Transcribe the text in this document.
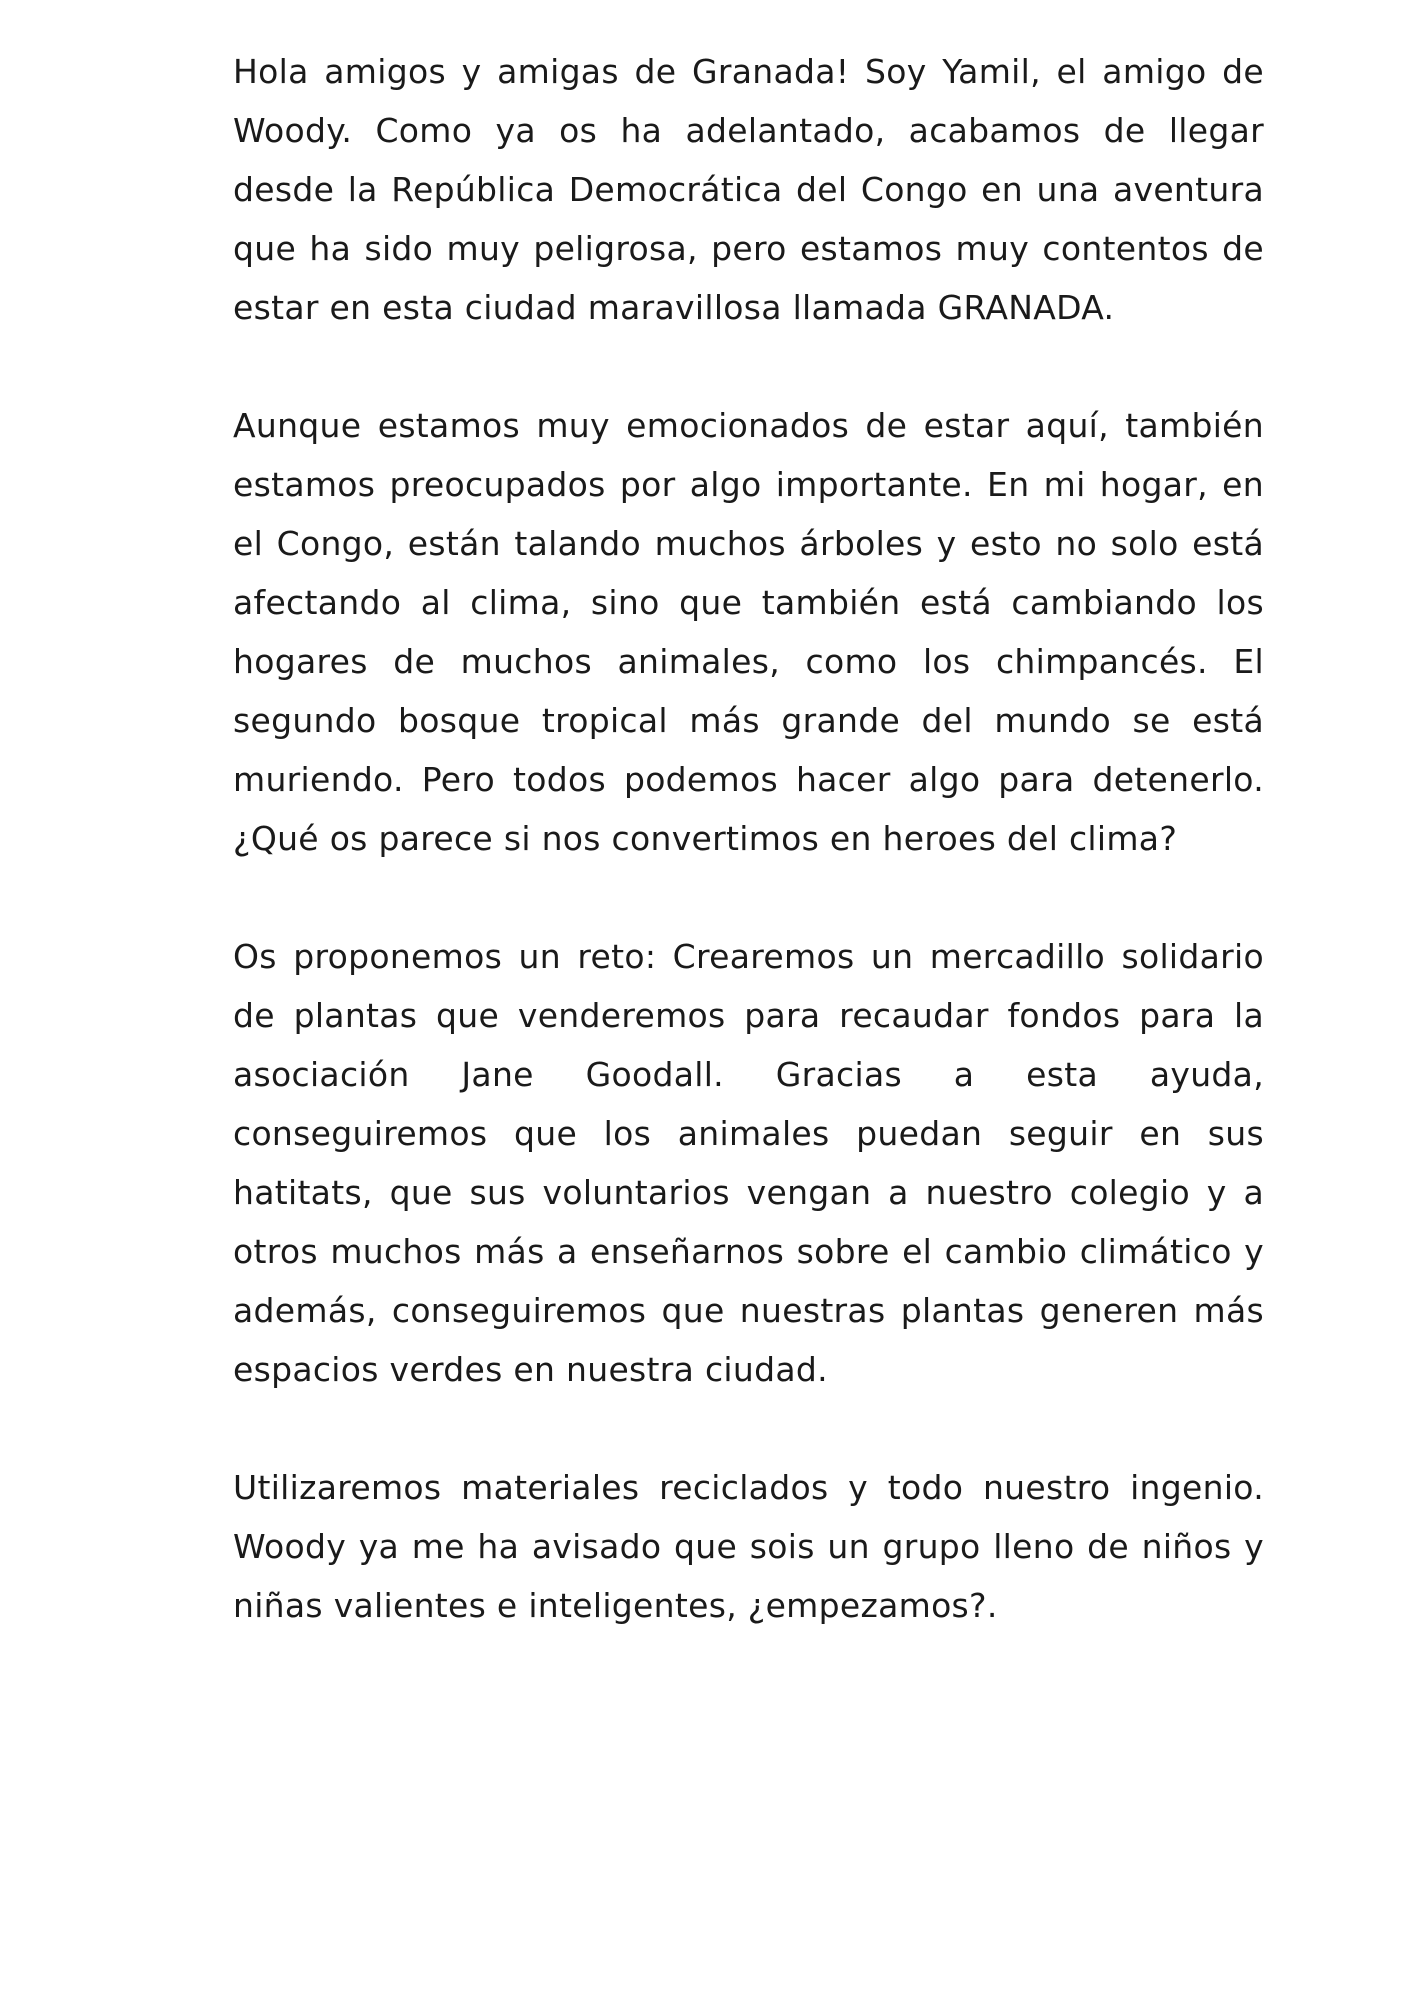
Hola amigos y amigas de Granada! Soy Yamil, el amigo de Woody. Como ya os ha adelantado, acabamos de llegar desde la República Democrática del Congo en una aventura que ha sido muy peligrosa, pero estamos muy contentos de estar en esta ciudad maravillosa llamada GRANADA.

Aunque estamos muy emocionados de estar aquí, también estamos preocupados por algo importante. En mi hogar, en el Congo, están talando muchos árboles y esto no solo está afectando al clima, sino que también está cambiando los hogares de muchos animales, como los chimpancés. El segundo bosque tropical más grande del mundo se está muriendo. Pero todos podemos hacer algo para detenerlo. ¿Qué os parece si nos convertimos en heroes del clima?

Os proponemos un reto: Crearemos un mercadillo solidario de plantas que venderemos para recaudar fondos para la asociación Jane Goodall. Gracias a esta ayuda, conseguiremos que los animales puedan seguir en sus hatitats, que sus voluntarios vengan a nuestro colegio y a otros muchos más a enseñarnos sobre el cambio climático y además, conseguiremos que nuestras plantas generen más espacios verdes en nuestra ciudad.

Utilizaremos materiales reciclados y todo nuestro ingenio. Woody ya me ha avisado que sois un grupo lleno de niños y niñas valientes e inteligentes, ¿empezamos?.
